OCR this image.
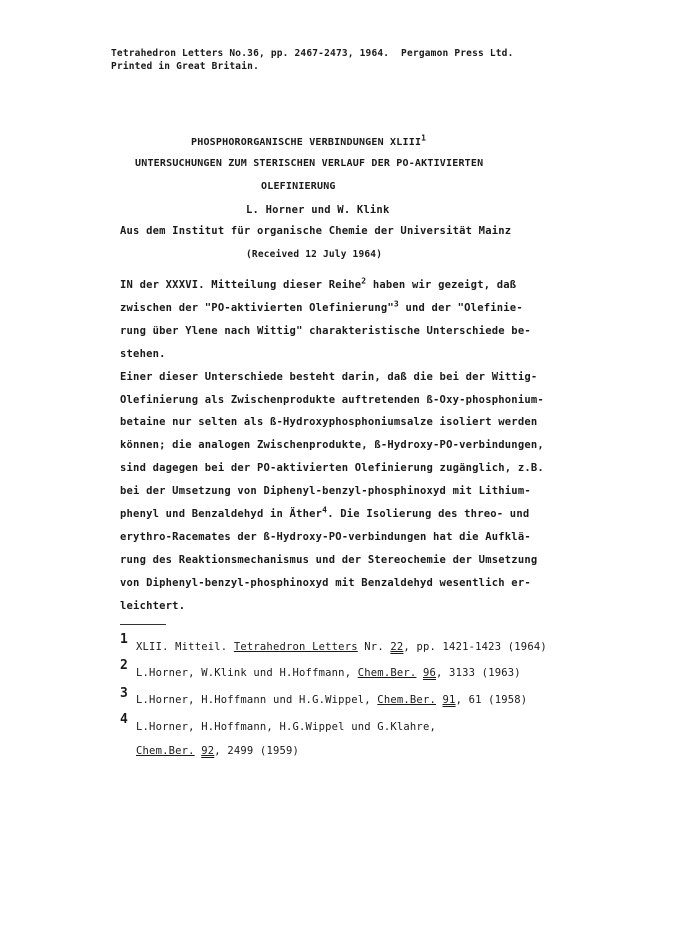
Tetrahedron Letters No.36, pp. 2467-2473, 1964.  Pergamon Press Ltd.
Printed in Great Britain.
PHOSPHORORGANISCHE VERBINDUNGEN XLIII$^1$
UNTERSUCHUNGEN ZUM STERISCHEN VERLAUF DER PO-AKTIVIERTEN
OLEFINIERUNG
L. Horner und W. Klink
Aus dem Institut für organische Chemie der Universität Mainz
(Received 12 July 1964)
IN der XXXVI. Mitteilung dieser Reihe$^2$ haben wir gezeigt, daß
zwischen der "PO-aktivierten Olefinierung"$^3$ und der "Olefinie-
rung über Ylene nach Wittig" charakteristische Unterschiede be-
stehen.
Einer dieser Unterschiede besteht darin, daß die bei der Wittig-
Olefinierung als Zwischenprodukte auftretenden ß-Oxy-phosphonium-
betaine nur selten als ß-Hydroxyphosphoniumsalze isoliert werden
können; die analogen Zwischenprodukte, ß-Hydroxy-PO-verbindungen,
sind dagegen bei der PO-aktivierten Olefinierung zugänglich, z.B.
bei der Umsetzung von Diphenyl-benzyl-phosphinoxyd mit Lithium-
phenyl und Benzaldehyd in Äther$^4$. Die Isolierung des threo- und
erythro-Racemates der ß-Hydroxy-PO-verbindungen hat die Aufklä-
rung des Reaktionsmechanismus und der Stereochemie der Umsetzung
von Diphenyl-benzyl-phosphinoxyd mit Benzaldehyd wesentlich er-
leichtert.
1 XLII. Mitteil. Tetrahedron Letters Nr. 22, pp. 1421-1423 (1964)
2 L.Horner, W.Klink und H.Hoffmann, Chem.Ber. 96, 3133 (1963)
3 L.Horner, H.Hoffmann und H.G.Wippel, Chem.Ber. 91, 61 (1958)
4 L.Horner, H.Hoffmann, H.G.Wippel und G.Klahre,
Chem.Ber. 92, 2499 (1959)
